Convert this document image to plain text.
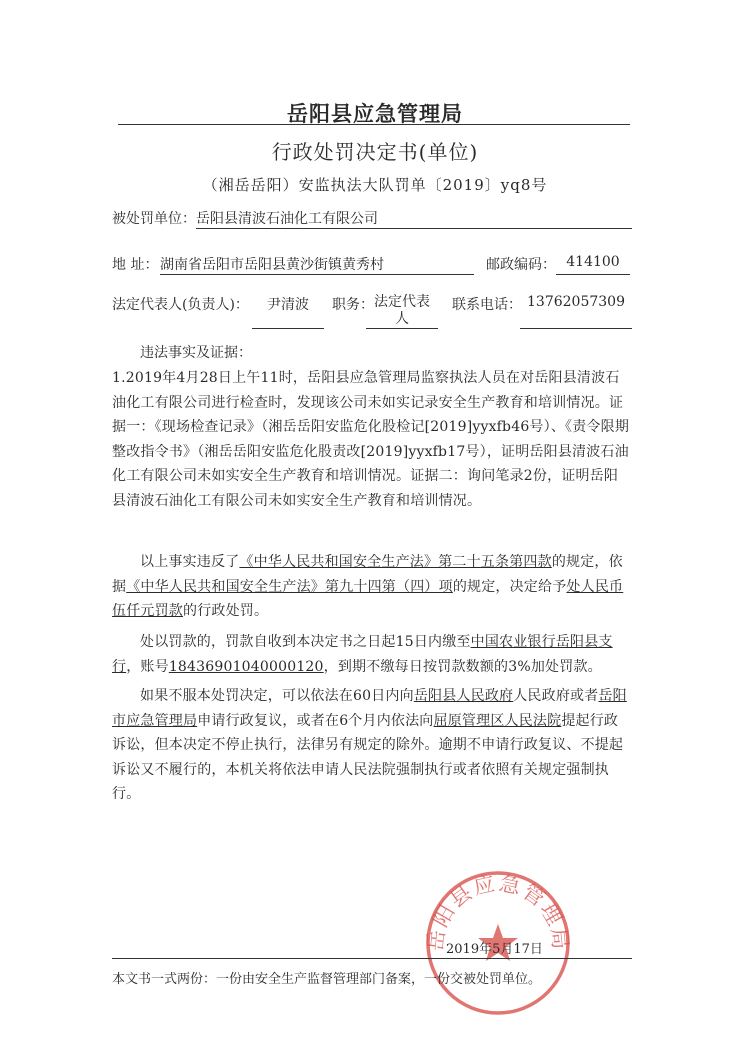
岳阳县应急管理局
行政处罚决定书(单位)
（湘岳岳阳）安监执法大队罚单〔2019〕yq8号
被处罚单位： 岳阳县清波石油化工有限公司
地 址： 湖南省岳阳市岳阳县黄沙街镇黄秀村	邮政编码： 414100
法定代表人(负责人)：	尹清波	职务： 法定代表
人
联系电话： 13762057309
违法事实及证据：

1.2019年4月28日上午11时，岳阳县应急管理局监察执法人员在对岳阳县清波石油化工有限公司进行检查时，发现该公司未如实记录安全生产教育和培训情况。证据一：《现场检查记录》（湘岳岳阳安监危化股检记[2019]yyxfb46号）、《责令限期整改指令书》（湘岳岳阳安监危化股责改[2019]yyxfb17号），证明岳阳县清波石油化工有限公司未如实安全生产教育和培训情况。证据二：询问笔录2份，证明岳阳县清波石油化工有限公司未如实安全生产教育和培训情况。

以上事实违反了《中华人民共和国安全生产法》第二十五条第四款的规定，依据《中华人民共和国安全生产法》第九十四第（四）项的规定，决定给予处人民币伍仟元罚款的行政处罚。

处以罚款的，罚款自收到本决定书之日起15日内缴至中国农业银行岳阳县支行，账号18436901040000120，到期不缴每日按罚款数额的3%加处罚款。

如果不服本处罚决定，可以依法在60日内向岳阳县人民政府人民政府或者岳阳市应急管理局申请行政复议，或者在6个月内依法向屈原管理区人民法院提起行政诉讼，但本决定不停止执行，法律另有规定的除外。逾期不申请行政复议、不提起诉讼又不履行的，本机关将依法申请人民法院强制执行或者依照有关规定强制执行。

岳阳县应急管理局
2019年5月17日
本文书一式两份：一份由安全生产监督管理部门备案，一份交被处罚单位。
